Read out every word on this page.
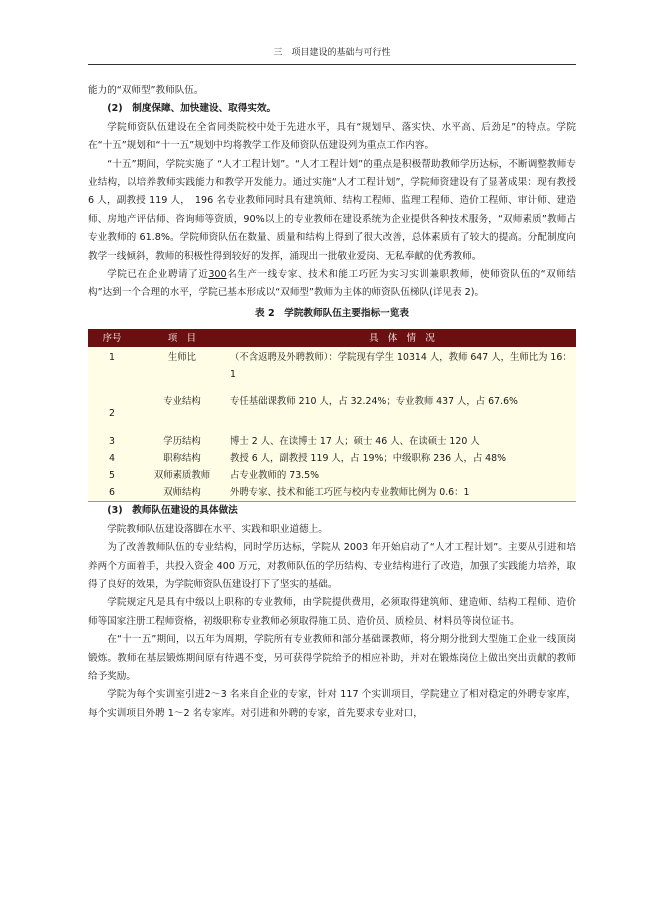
三　项目建设的基础与可行性

能力的“双师型”教师队伍。

(2)　制度保障、加快建设、取得实效。

学院师资队伍建设在全省同类院校中处于先进水平，具有“规划早、落实快、水平高、后劲足”的特点。学院在“十五”规划和“十一五”规划中均将教学工作及师资队伍建设列为重点工作内容。

“十五”期间，学院实施了 “人才工程计划”。“人才工程计划”的重点是积极帮助教师学历达标，不断调整教师专业结构，以培养教师实践能力和教学开发能力。通过实施“人才工程计划”，学院师资建设有了显著成果：现有教授 6 人，副教授 119 人，　196 名专业教师同时具有建筑师、结构工程师、监理工程师、造价工程师、审计师、建造师、房地产评估师、咨询师等资质，90%以上的专业教师在建设系统为企业提供各种技术服务，“双师素质”教师占专业教师的 61.8%。学院师资队伍在数量、质量和结构上得到了很大改善，总体素质有了较大的提高。分配制度向教学一线倾斜，教师的积极性得到较好的发挥，涌现出一批敬业爱岗、无私奉献的优秀教师。

学院已在企业聘请了近300名生产一线专家、技术和能工巧匠为实习实训兼职教师，使师资队伍的“双师结构”达到一个合理的水平，学院已基本形成以“双师型”教师为主体的师资队伍梯队(详见表 2)。

表 2　学院教师队伍主要指标一览表

序号	项　目	具　体　情　况
1	生师比	（不含返聘及外聘教师）：学院现有学生 10314 人，教师 647 人，生师比为 16：1
2	专业结构	专任基础课教师 210 人，占 32.24%；专业教师 437 人，占 67.6%
3	学历结构	博士 2 人、在读博士 17 人；硕士 46 人、在读硕士 120 人
4	职称结构	教授 6 人，副教授 119 人，占 19%；中级职称 236 人，占 48%
5	双师素质教师	占专业教师的 73.5%
6	双师结构	外聘专家、技术和能工巧匠与校内专业教师比例为 0.6：1

(3)　教师队伍建设的具体做法

学院教师队伍建设落脚在水平、实践和职业道德上。

为了改善教师队伍的专业结构，同时学历达标，学院从 2003 年开始启动了“人才工程计划”。主要从引进和培养两个方面着手，共投入资金 400 万元，对教师队伍的学历结构、专业结构进行了改造，加强了实践能力培养，取得了良好的效果，为学院师资队伍建设打下了坚实的基础。

学院规定凡是具有中级以上职称的专业教师，由学院提供费用，必须取得建筑师、建造师、结构工程师、造价师等国家注册工程师资格，初级职称专业教师必须取得施工员、造价员、质检员、材料员等岗位证书。

在“十一五”期间，以五年为周期，学院所有专业教师和部分基础课教师，将分期分批到大型施工企业一线顶岗锻炼。教师在基层锻炼期间原有待遇不变，另可获得学院给予的相应补助，并对在锻炼岗位上做出突出贡献的教师给予奖励。

学院为每个实训室引进2～3 名来自企业的专家，针对 117 个实训项目，学院建立了相对稳定的外聘专家库，每个实训项目外聘 1～2 名专家库。对引进和外聘的专家，首先要求专业对口，
